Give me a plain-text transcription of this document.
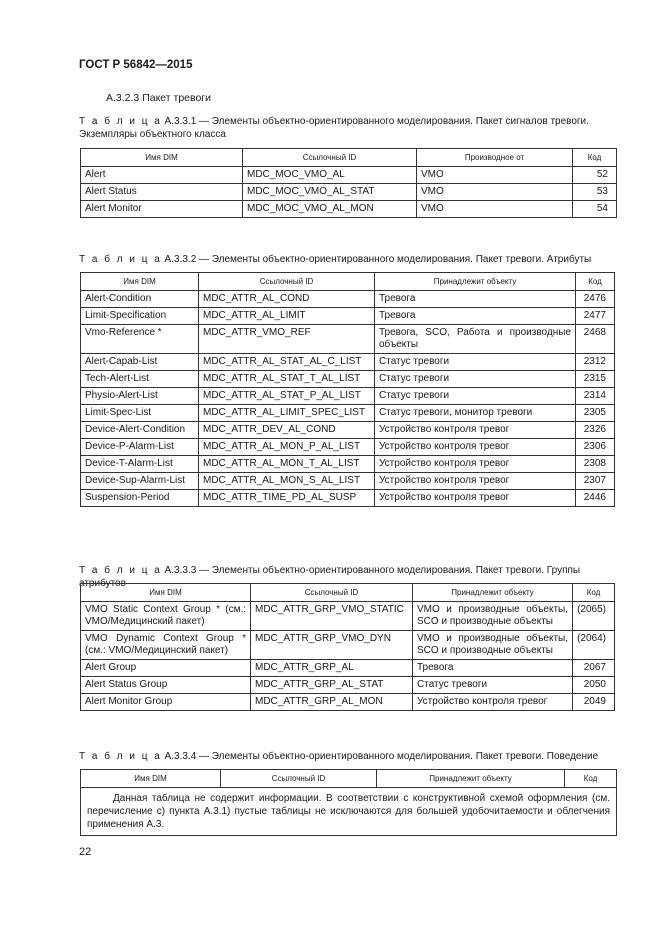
ГОСТ Р 56842—2015
А.3.2.3 Пакет тревоги
Т а б л и ц а А.3.3.1 — Элементы объектно-ориентированного моделирования. Пакет сигналов тревоги. Экземпляры объектного класса
Имя DIM	Ссылочный ID	Производное от	Код
Alert	MDC_MOC_VMO_AL	VMO	52
Alert Status	MDC_MOC_VMO_AL_STAT	VMO	53
Alert Monitor	MDC_MOC_VMO_AL_MON	VMO	54
Т а б л и ц а А.3.3.2 — Элементы объектно-ориентированного моделирования. Пакет тревоги. Атрибуты
Имя DIM	Ссылочный ID	Принадлежит объекту	Код
Alert-Condition	MDC_ATTR_AL_COND	Тревога	2476
Limit-Specification	MDC_ATTR_AL_LIMIT	Тревога	2477
Vmo-Reference *	MDC_ATTR_VMO_REF	Тревога, SCO, Работа и производные объекты	2468
Alert-Capab-List	MDC_ATTR_AL_STAT_AL_C_LIST	Статус тревоги	2312
Tech-Alert-List	MDC_ATTR_AL_STAT_T_AL_LIST	Статус тревоги	2315
Physio-Alert-List	MDC_ATTR_AL_STAT_P_AL_LIST	Статус тревоги	2314
Limit-Spec-List	MDC_ATTR_AL_LIMIT_SPEC_LIST	Статус тревоги, монитор тревоги	2305
Device-Alert-Condition	MDC_ATTR_DEV_AL_COND	Устройство контроля тревог	2326
Device-P-Alarm-List	MDC_ATTR_AL_MON_P_AL_LIST	Устройство контроля тревог	2306
Device-T-Alarm-List	MDC_ATTR_AL_MON_T_AL_LIST	Устройство контроля тревог	2308
Device-Sup-Alarm-List	MDC_ATTR_AL_MON_S_AL_LIST	Устройство контроля тревог	2307
Suspension-Period	MDC_ATTR_TIME_PD_AL_SUSP	Устройство контроля тревог	2446
Т а б л и ц а А.3.3.3 — Элементы объектно-ориентированного моделирования. Пакет тревоги. Группы атрибутов
Имя DIM	Ссылочный ID	Принадлежит объекту	Код
VMO Static Context Group * (см.: VMO/Медицинский пакет)	MDC_ATTR_GRP_VMO_STATIC	VMO и производные объекты, SCO и производные объекты	(2065)
VMO Dynamic Context Group * (см.: VMO/Медицинский пакет)	MDC_ATTR_GRP_VMO_DYN	VMO и производные объекты, SCO и производные объекты	(2064)
Alert Group	MDC_ATTR_GRP_AL	Тревога	2067
Alert Status Group	MDC_ATTR_GRP_AL_STAT	Статус тревоги	2050
Alert Monitor Group	MDC_ATTR_GRP_AL_MON	Устройство контроля тревог	2049
Т а б л и ц а А.3.3.4 — Элементы объектно-ориентированного моделирования. Пакет тревоги. Поведение
Имя DIM	Ссылочный ID	Принадлежит объекту	Код
Данная таблица не содержит информации. В соответствии с конструктивной схемой оформления (см. перечисление с) пункта А.3.1) пустые таблицы не исключаются для большей удобочитаемости и облегчения применения А.3.
22
